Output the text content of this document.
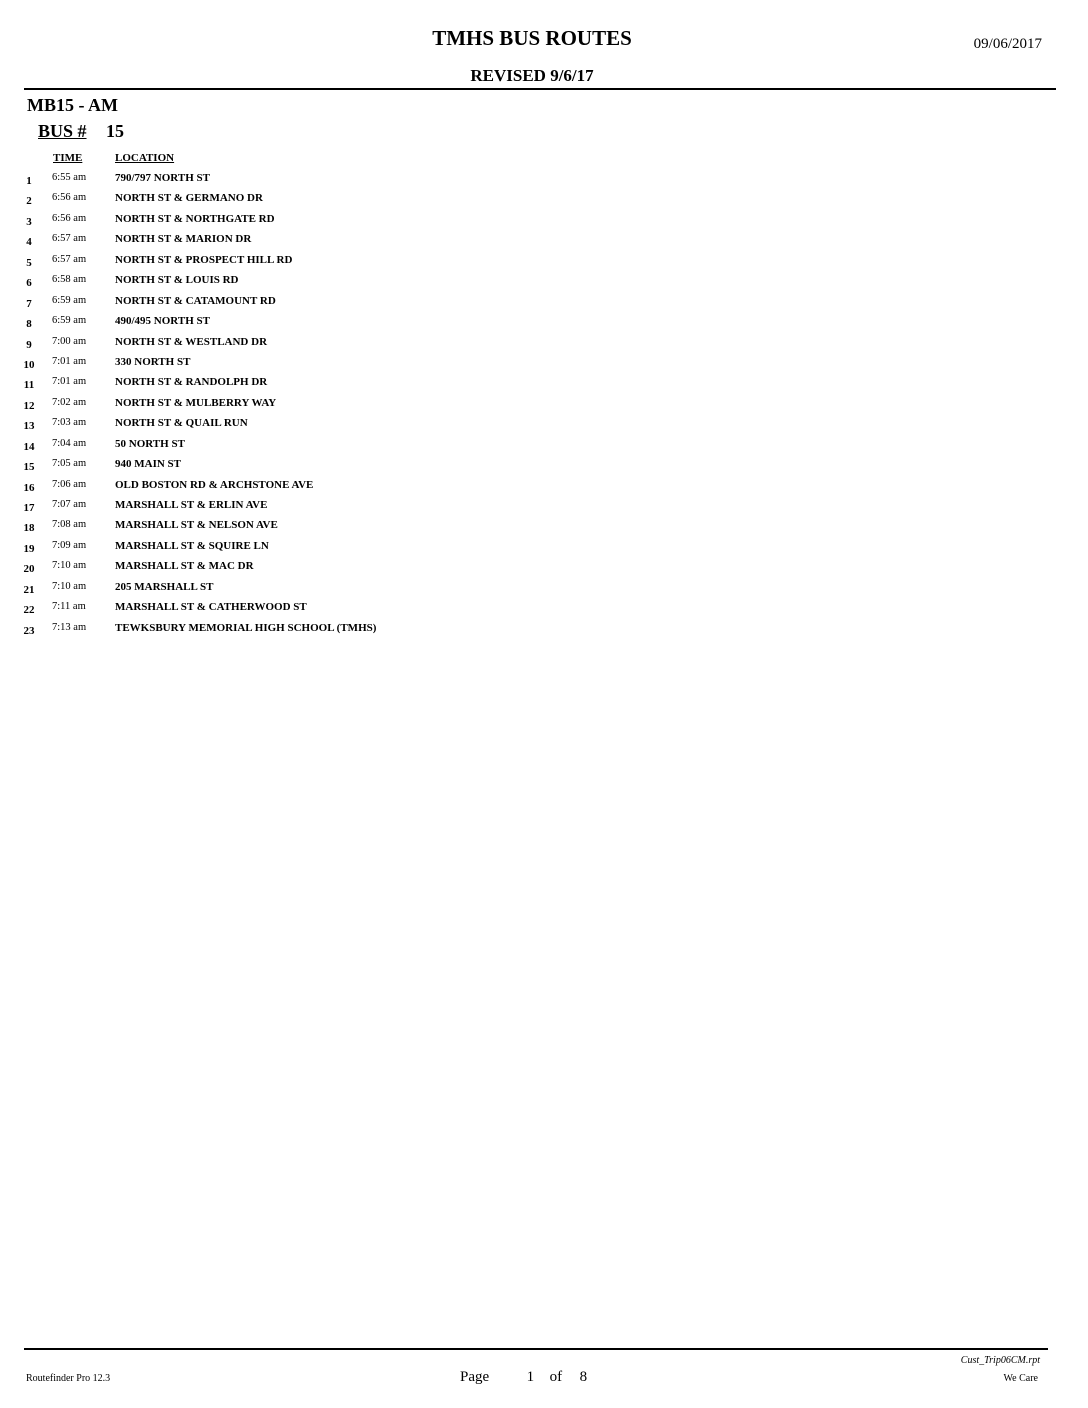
TMHS BUS ROUTES	09/06/2017
REVISED 9/6/17
MB15 - AM
BUS # 15
TIME	LOCATION
1	6:55 am	790/797 NORTH ST
2	6:56 am	NORTH ST & GERMANO DR
3	6:56 am	NORTH ST & NORTHGATE RD
4	6:57 am	NORTH ST & MARION DR
5	6:57 am	NORTH ST & PROSPECT HILL RD
6	6:58 am	NORTH ST & LOUIS RD
7	6:59 am	NORTH ST & CATAMOUNT RD
8	6:59 am	490/495 NORTH ST
9	7:00 am	NORTH ST & WESTLAND DR
10	7:01 am	330 NORTH ST
11	7:01 am	NORTH ST & RANDOLPH DR
12	7:02 am	NORTH ST & MULBERRY WAY
13	7:03 am	NORTH ST & QUAIL RUN
14	7:04 am	50 NORTH ST
15	7:05 am	940 MAIN ST
16	7:06 am	OLD BOSTON RD & ARCHSTONE AVE
17	7:07 am	MARSHALL ST & ERLIN AVE
18	7:08 am	MARSHALL ST & NELSON AVE
19	7:09 am	MARSHALL ST & SQUIRE LN
20	7:10 am	MARSHALL ST & MAC DR
21	7:10 am	205 MARSHALL ST
22	7:11 am	MARSHALL ST & CATHERWOOD ST
23	7:13 am	TEWKSBURY MEMORIAL HIGH SCHOOL (TMHS)
Routefinder Pro 12.3	Page	1 of 8
Cust_Trip06CM.rpt
We Care
